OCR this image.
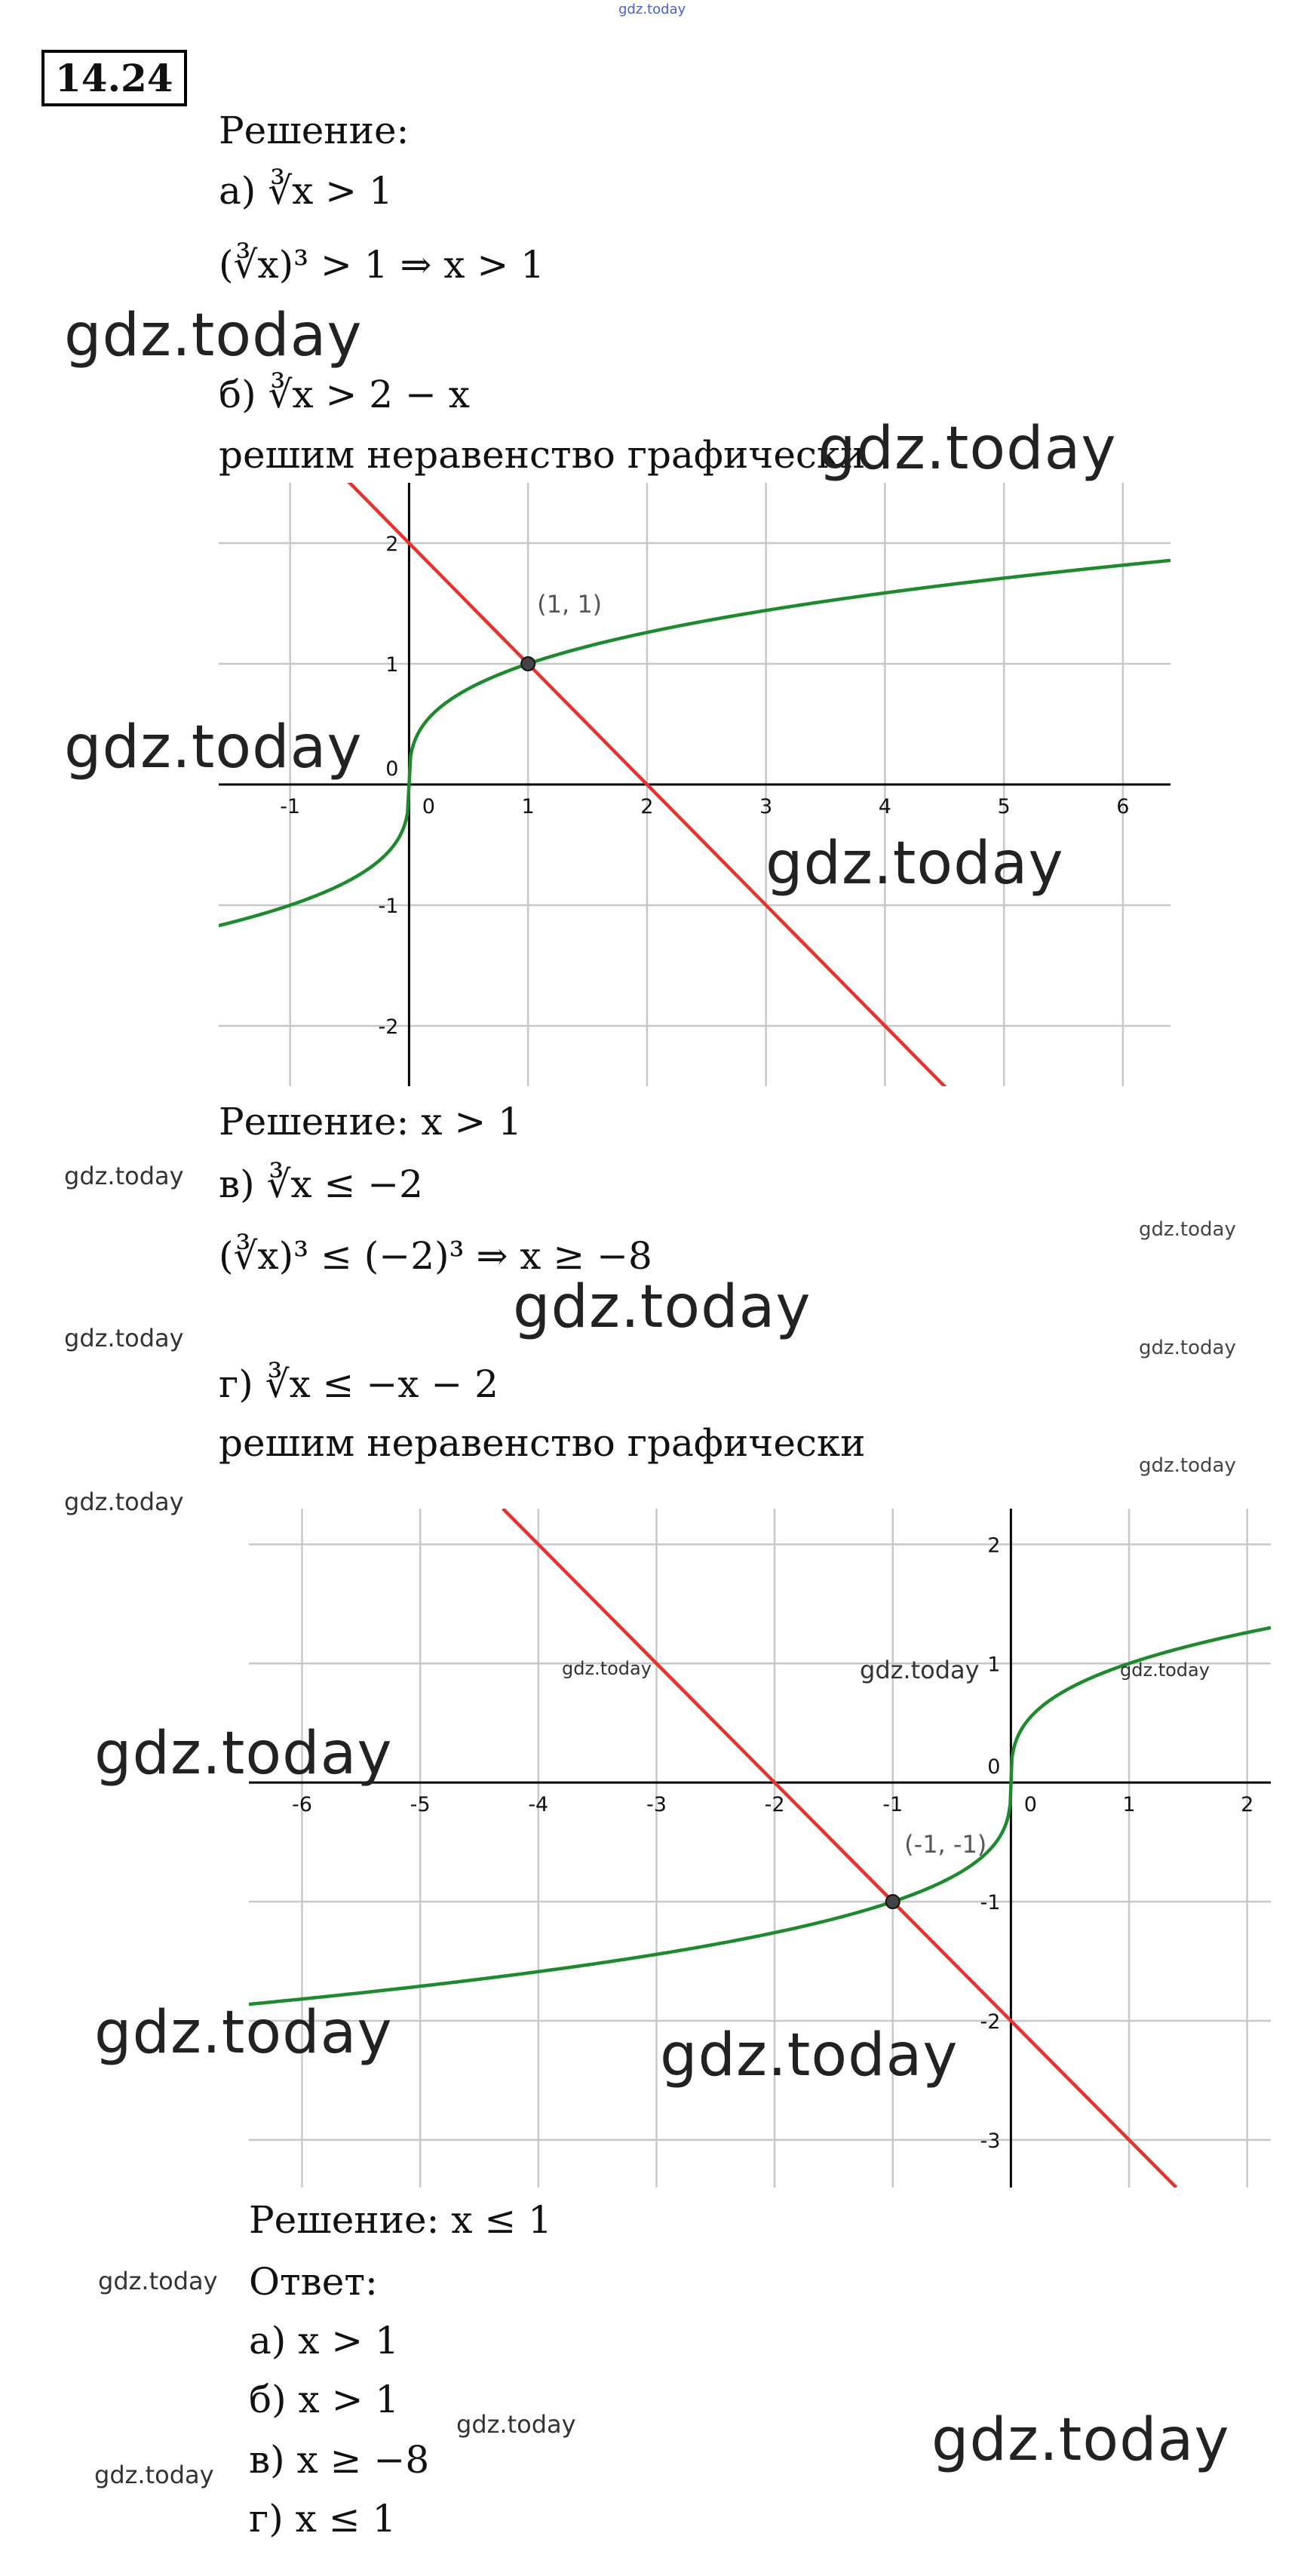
gdz.today
14.24
Решение:
а) ∛x > 1
(∛x)³ > 1 ⇒ x > 1
gdz.today
б) ∛x > 2 − x
решим неравенство графически
gdz.today
-1	1	2	3	4	5	6
-2
-1
1
2
0
0
(1, 1)
gdz.today
gdz.today
Решение: x > 1
gdz.today в) ∛x ≤ −2
gdz.today
(∛x)³ ≤ (−2)³ ⇒ x ≥ −8
gdz.today
gdz.today	gdz.today
г) ∛x ≤ −x − 2
решим неравенство графически
gdz.today
gdz.today
-6	-5	-4	-3	-2	-1	1	2
-3
-2
-1
1
2
0
0
(-1, -1)
gdz.today	gdz.today	gdz.today
gdz.today
gdz.today	gdz.today
Решение: x ≤ 1
gdz.today Ответ:
а) x > 1
б) x > 1
gdz.today	gdz.today
в) x ≥ −8
gdz.today
г) x ≤ 1
